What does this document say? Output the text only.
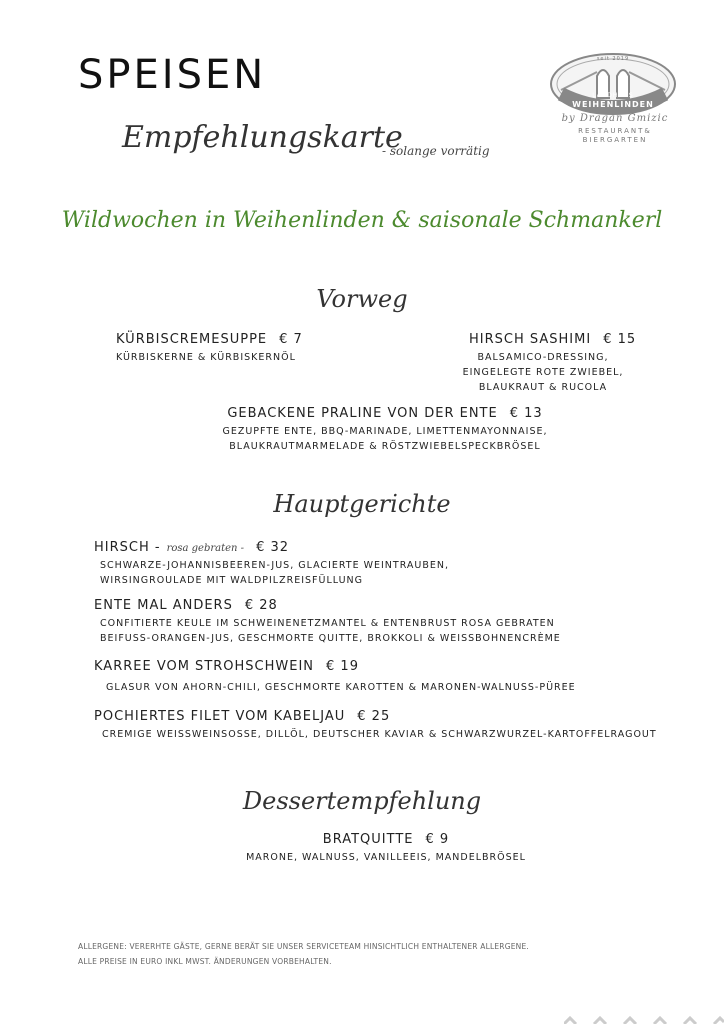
SPEISEN
Empfehlungskarte
- solange vorrätig
seit 2019
LANDHAUS
WEIHENLINDEN
by Dragan Gmizic
RESTAURANT&
BIERGARTEN
Wildwochen in Weihenlinden & saisonale Schmankerl
Vorweg
KÜRBISCREMESUPPE € 7
KÜRBISKERNE & KÜRBISKERNÖL
HIRSCH SASHIMI € 15
BALSAMICO-DRESSING,
EINGELEGTE ROTE ZWIEBEL,
BLAUKRAUT & RUCOLA
GEBACKENE PRALINE VON DER ENTE € 13
GEZUPFTE ENTE, BBQ-MARINADE, LIMETTENMAYONNAISE,
BLAUKRAUTMARMELADE & RÖSTZWIEBELSPECKBRÖSEL
Hauptgerichte
HIRSCH - rosa gebraten - € 32
SCHWARZE-JOHANNISBEEREN-JUS, GLACIERTE WEINTRAUBEN,
WIRSINGROULADE MIT WALDPILZREISFÜLLUNG
ENTE MAL ANDERS € 28
CONFITIERTE KEULE IM SCHWEINENETZMANTEL & ENTENBRUST ROSA GEBRATEN
BEIFUSS-ORANGEN-JUS, GESCHMORTE QUITTE, BROKKOLI & WEISSBOHNENCRÈME
KARREE VOM STROHSCHWEIN € 19
GLASUR VON AHORN-CHILI, GESCHMORTE KAROTTEN & MARONEN-WALNUSS-PÜREE
POCHIERTES FILET VOM KABELJAU € 25
CREMIGE WEISSWEINSOSSE, DILLÖL, DEUTSCHER KAVIAR & SCHWARZWURZEL-KARTOFFELRAGOUT
Dessertempfehlung
BRATQUITTE € 9
MARONE, WALNUSS, VANILLEEIS, MANDELBRÖSEL
ALLERGENE: VERERHTE GÄSTE, GERNE BERÄT SIE UNSER SERVICETEAM HINSICHTLICH ENTHALTENER ALLERGENE.
ALLE PREISE IN EURO INKL MWST. ÄNDERUNGEN VORBEHALTEN.
